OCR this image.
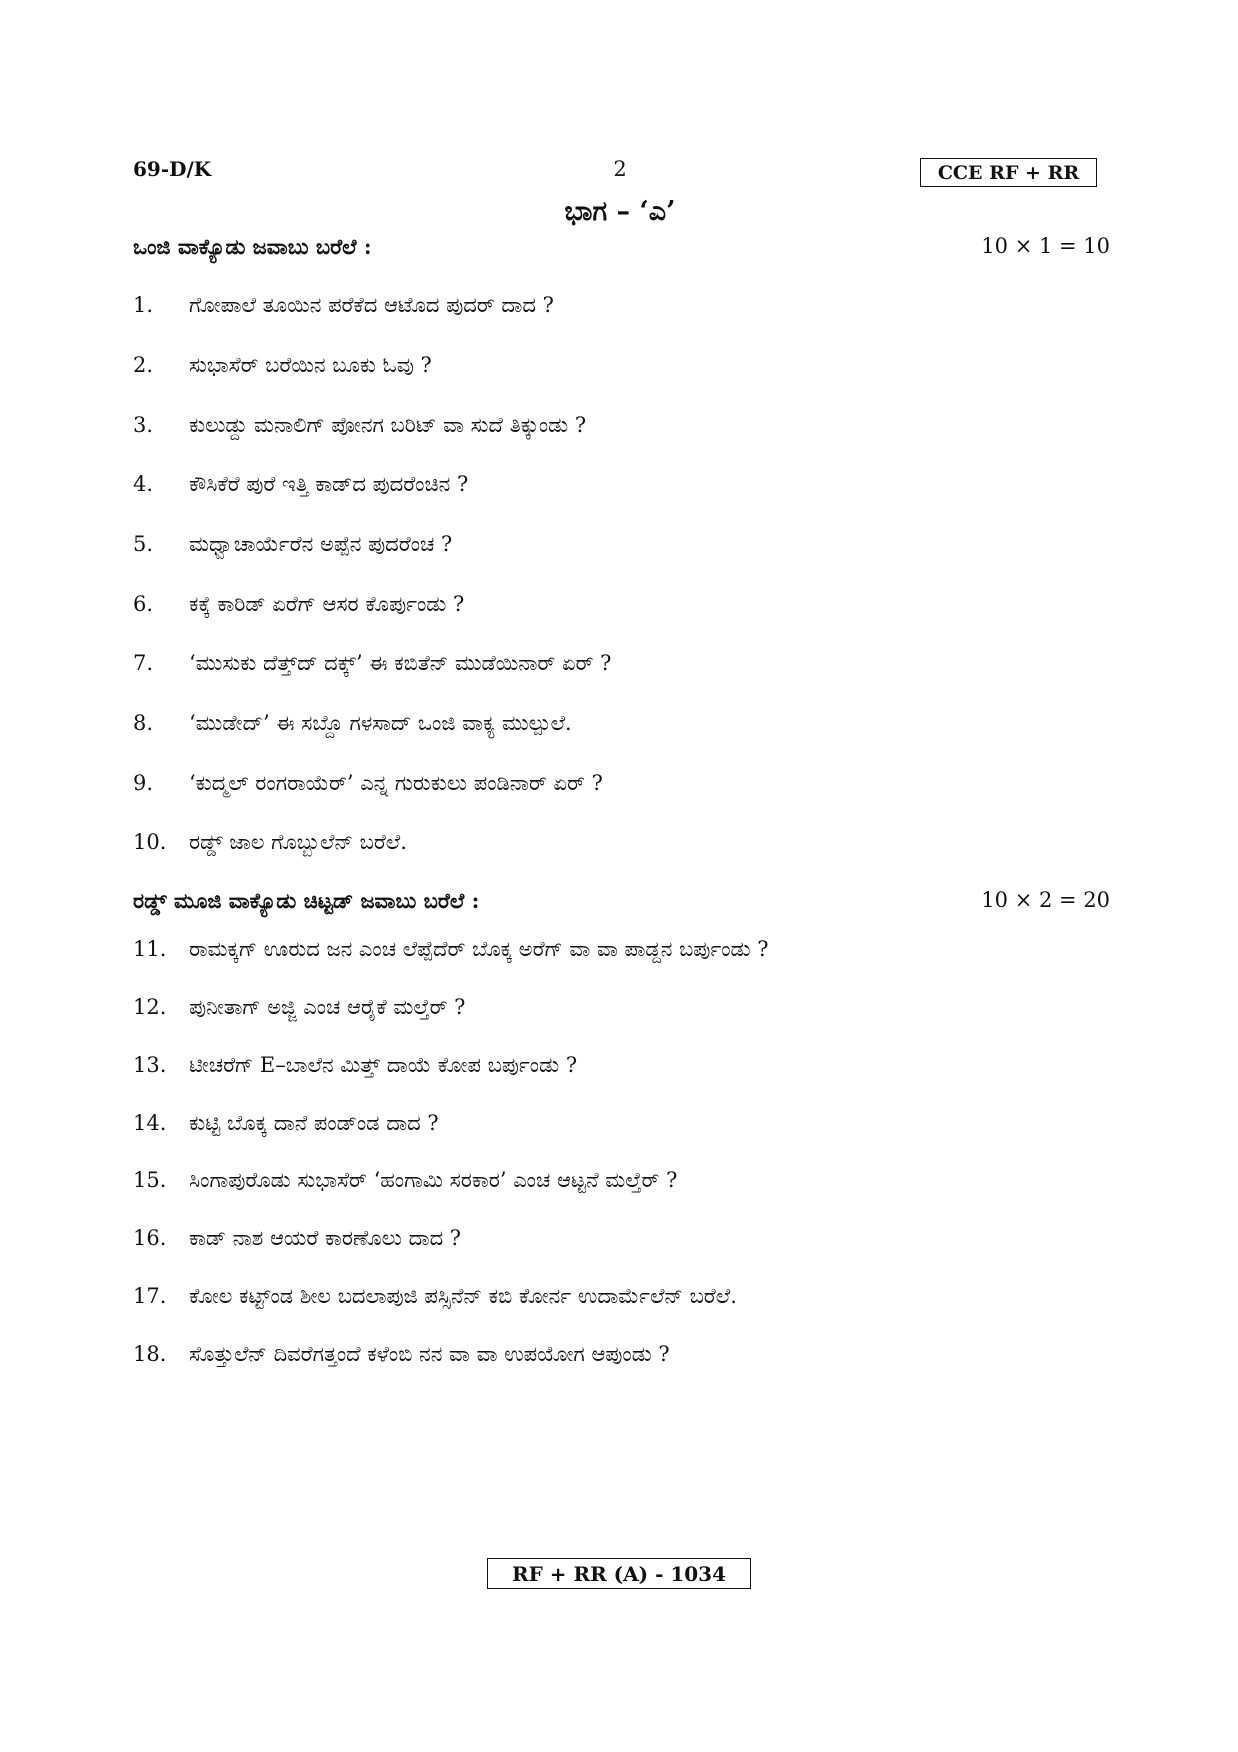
69-D/K	2	CCE RF + RR
ಭಾಗ – ‘ಎ’
ಒಂಜಿ ವಾಕ್ಯೊಡು ಜವಾಬು ಬರೆಲೆ :	10 × 1 = 10
1. ಗೋಪಾಲೆ ತೂಯಿನ ಪರೆಕೆದ ಆಟೊದ ಪುದರ್ ದಾದ ?
2. ಸುಭಾಸೆರ್ ಬರೆಯಿನ ಬೂಕು ಓವು ?
3. ಕುಲುಡ್ದು ಮನಾಲಿಗ್ ಪೋನಗ ಬರಿಟ್ ವಾ ಸುದೆ ತಿಕ್ಕುಂಡು ?
4. ಕೌಸಿಕೆರೆ ಪುರೆ ಇತ್ತಿ ಕಾಡ್‌ದ ಪುದರೆಂಚಿನ ?
5. ಮಧ್ವಾಚಾರ್ಯೆರೆನ ಅಪ್ಪೆನ ಪುದರೆಂಚ ?
6. ಕಕ್ಕೆ ಕಾರಿಡ್ ಏರೆಗ್ ಆಸರ ಕೊರ್ಪುಂಡು ?
7. ‘ಮುಸುಕು ದೆತ್ತ್‌ದ್ ದಕ್ಕ್’ ಈ ಕಬಿತೆನ್ ಮುಡೆಯಿನಾರ್ ಏರ್ ?
8. ‘ಮುಡೇದ್’ ಈ ಸಬ್ದೊ ಗಳಸಾದ್ ಒಂಜಿ ವಾಕ್ಯ ಮುಲ್ಪುಲೆ.
9. ‘ಕುದ್ಮಲ್ ರಂಗರಾಯೆರ್’ ಎನ್ನ ಗುರುಕುಲು ಪಂಡಿನಾರ್ ಏರ್ ?
10. ರಡ್ಡ್ ಜಾಲ ಗೊಬ್ಬುಲೆನ್ ಬರೆಲೆ.
ರಡ್ಡ್ ಮೂಜಿ ವಾಕ್ಯೊಡು ಚಿಟ್ಟಡ್ ಜವಾಬು ಬರೆಲೆ :	10 × 2 = 20
11. ರಾಮಕ್ಕಗ್ ಊರುದ ಜನ ಎಂಚ ಲೆಪ್ಪೆದೆರ್ ಬೊಕ್ಕ ಅರೆಗ್ ವಾ ವಾ ಪಾಡ್ದನ ಬರ್ಪುಂಡು ?
12. ಪುನೀತಾಗ್ ಅಜ್ಜಿ ಎಂಚ ಆರೈಕೆ ಮಲ್ತೆರ್ ?
13. ಟೀಚರೆಗ್ E–ಬಾಲೆನ ಮಿತ್ತ್ ದಾಯೆ ಕೋಪ ಬರ್ಪುಂಡು ?
14. ಕುಟ್ಟಿ ಬೊಕ್ಕ ದಾನೆ ಪಂಡ್‌ಂಡ ದಾದ ?
15. ಸಿಂಗಾಪುರೊಡು ಸುಭಾಸೆರ್ ‘ಹಂಗಾಮಿ ಸರಕಾರ’ ಎಂಚ ಆಟ್ಟನೆ ಮಲ್ತೆರ್ ?
16. ಕಾಡ್ ನಾಶ ಆಯರೆ ಕಾರಣೊಲು ದಾದ ?
17. ಕೋಲ ಕಟ್ಟ್‌ಂಡ ಶೀಲ ಬದಲಾಪುಜಿ ಪಸ್ಸಿನೆನ್ ಕಬಿ ಕೋರ್ನ ಉದಾರ್ಮೆಲೆನ್ ಬರೆಲೆ.
18. ಸೊತ್ತುಲೆನ್ ದಿವರೆಗತ್ತಂದೆ ಕಳೆಂಬಿ ನನ ವಾ ವಾ ಉಪಯೋಗ ಆಪುಂಡು ?
RF + RR (A) - 1034
